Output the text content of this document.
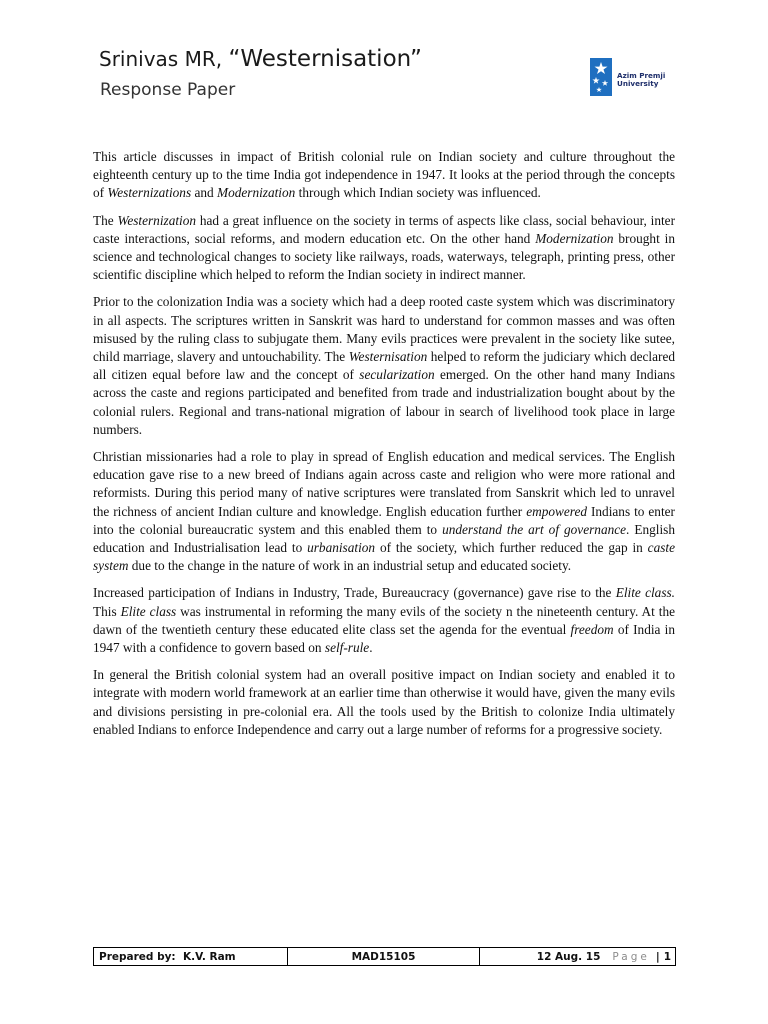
Srinivas MR, “Westernisation”
Response Paper
Azim Premji
University

This article discusses in impact of British colonial rule on Indian society and culture throughout the eighteenth century up to the time India got independence in 1947. It looks at the period through the concepts of Westernizations and Modernization through which Indian society was influenced.

The Westernization had a great influence on the society in terms of aspects like class, social behaviour, inter caste interactions, social reforms, and modern education etc. On the other hand Modernization brought in science and technological changes to society like railways, roads, waterways, telegraph, printing press, other scientific discipline which helped to reform the Indian society in indirect manner.

Prior to the colonization India was a society which had a deep rooted caste system which was discriminatory in all aspects. The scriptures written in Sanskrit was hard to understand for common masses and was often misused by the ruling class to subjugate them. Many evils practices were prevalent in the society like sutee, child marriage, slavery and untouchability. The Westernisation helped to reform the judiciary which declared all citizen equal before law and the concept of secularization emerged. On the other hand many Indians across the caste and regions participated and benefited from trade and industrialization bought about by the colonial rulers. Regional and trans-national migration of labour in search of livelihood took place in large numbers.

Christian missionaries had a role to play in spread of English education and medical services. The English education gave rise to a new breed of Indians again across caste and religion who were more rational and reformists. During this period many of native scriptures were translated from Sanskrit which led to unravel the richness of ancient Indian culture and knowledge. English education further empowered Indians to enter into the colonial bureaucratic system and this enabled them to understand the art of governance. English education and Industrialisation lead to urbanisation of the society, which further reduced the gap in caste system due to the change in the nature of work in an industrial setup and educated society.

Increased participation of Indians in Industry, Trade, Bureaucracy (governance) gave rise to the Elite class. This Elite class was instrumental in reforming the many evils of the society n the nineteenth century. At the dawn of the twentieth century these educated elite class set the agenda for the eventual freedom of India in 1947 with a confidence to govern based on self-rule.

In general the British colonial system had an overall positive impact on Indian society and enabled it to integrate with modern world framework at an earlier time than otherwise it would have, given the many evils and divisions persisting in pre-colonial era. All the tools used by the British to colonize India ultimately enabled Indians to enforce Independence and carry out a large number of reforms for a progressive society.

Prepared by:  K.V. Ram	MAD15105	12 Aug. 15 Page | 1
